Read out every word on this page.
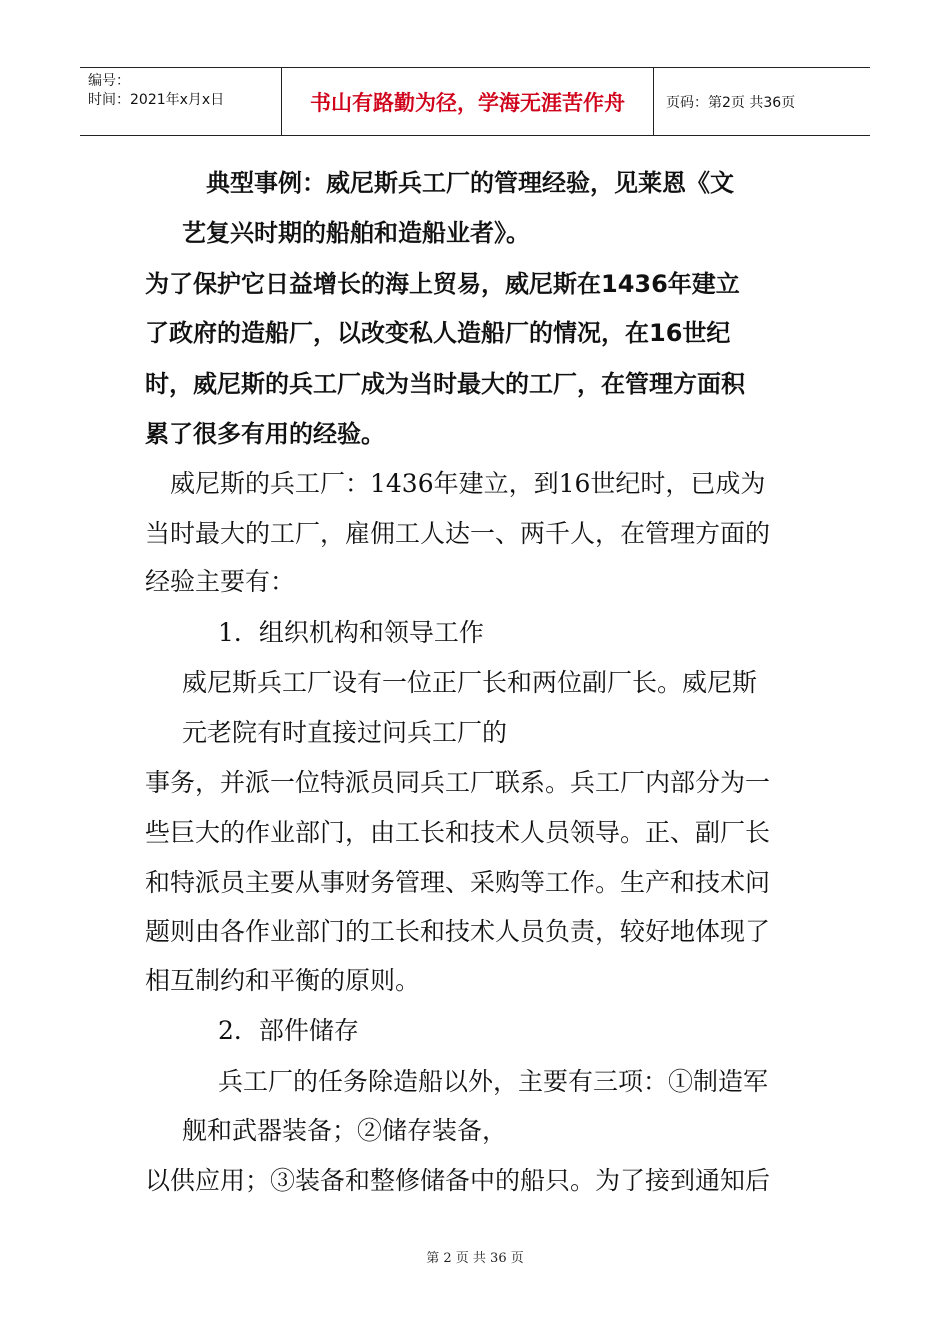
编号：
时间：2021年x月x日	书山有路勤为径，学海无涯苦作舟	页码：第2页 共36页
典型事例：威尼斯兵工厂的管理经验，见莱恩《文
艺复兴时期的船舶和造船业者》。
为了保护它日益增长的海上贸易，威尼斯在1436年建立
了政府的造船厂，以改变私人造船厂的情况，在16世纪
时，威尼斯的兵工厂成为当时最大的工厂，在管理方面积
累了很多有用的经验。
威尼斯的兵工厂：1436年建立，到16世纪时，已成为
当时最大的工厂，雇佣工人达一、两千人，在管理方面的
经验主要有：
1．组织机构和领导工作
威尼斯兵工厂设有一位正厂长和两位副厂长。威尼斯
元老院有时直接过问兵工厂的
事务，并派一位特派员同兵工厂联系。兵工厂内部分为一
些巨大的作业部门，由工长和技术人员领导。正、副厂长
和特派员主要从事财务管理、采购等工作。生产和技术问
题则由各作业部门的工长和技术人员负责，较好地体现了
相互制约和平衡的原则。
2．部件储存
兵工厂的任务除造船以外，主要有三项：①制造军
舰和武器装备；②储存装备，
以供应用；③装备和整修储备中的船只。为了接到通知后
第 2 页 共 36 页
